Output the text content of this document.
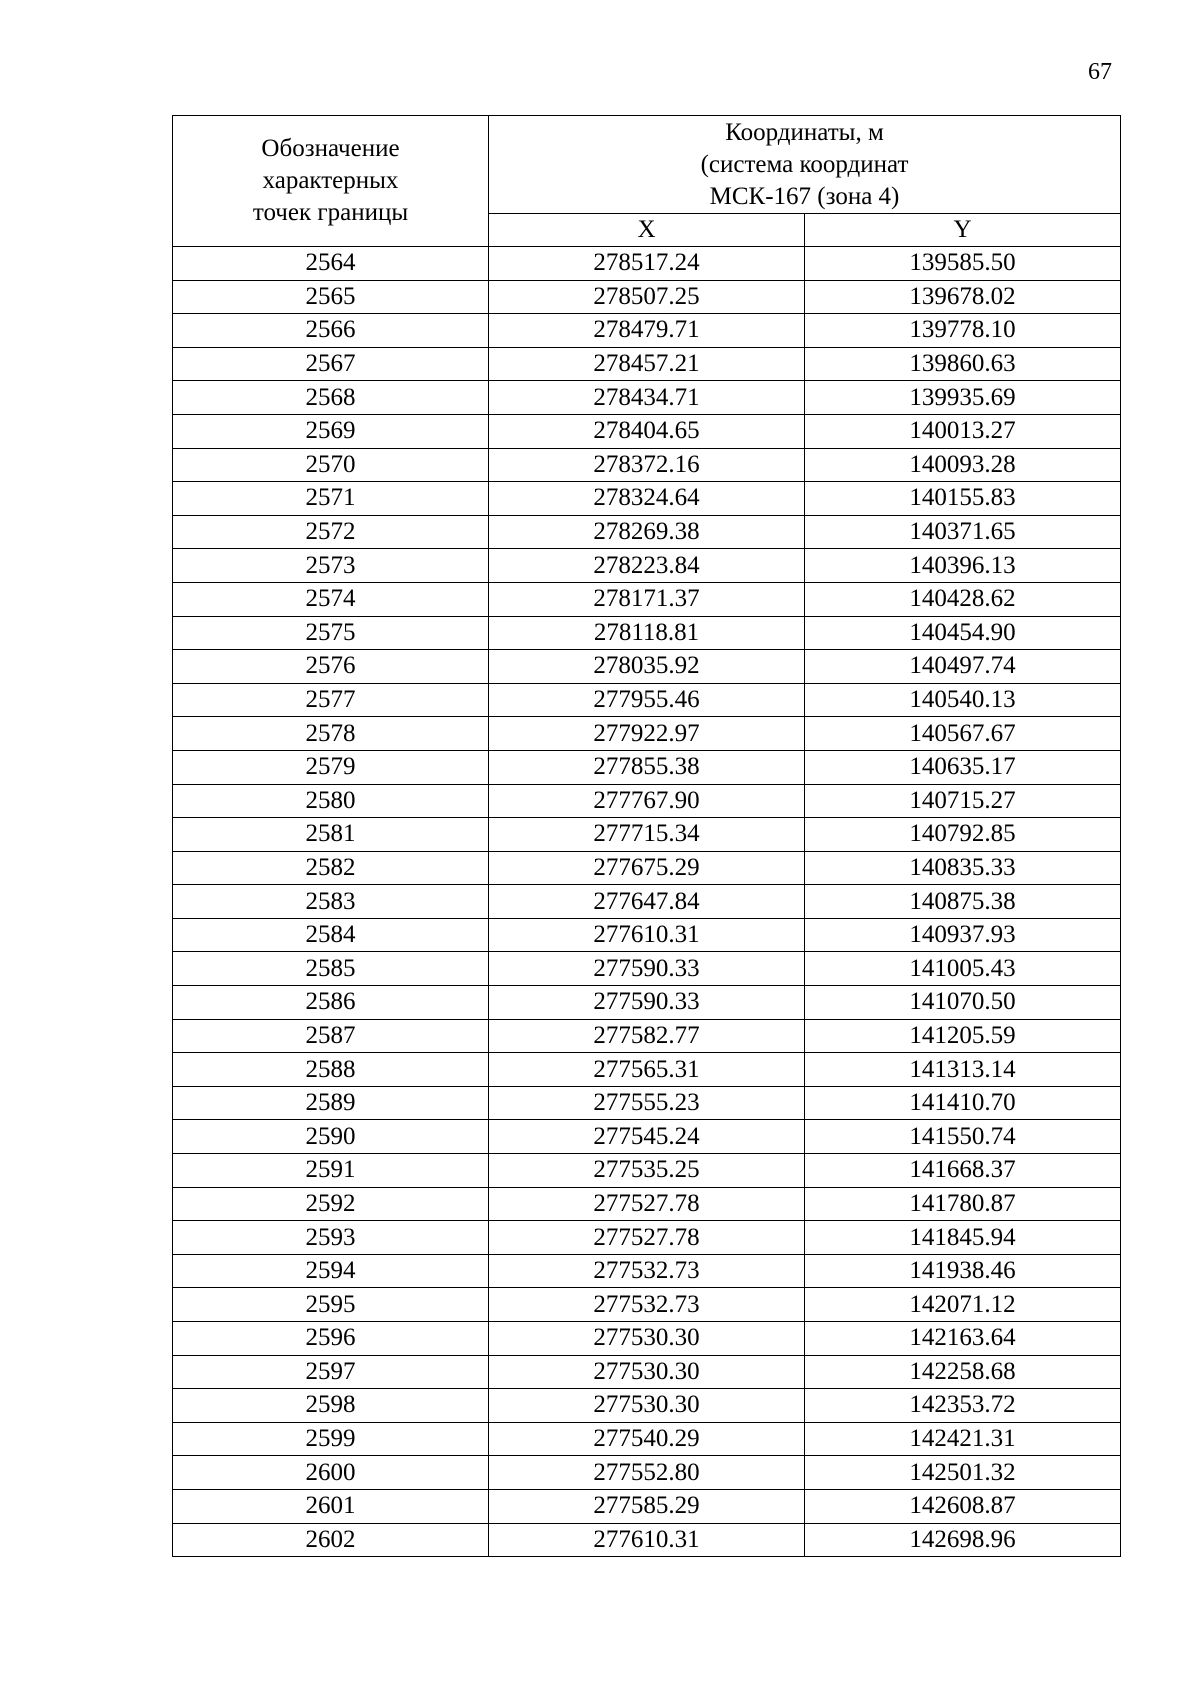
67
Обозначение
характерных
точек границы	Координаты, м
(система координат
МСК-167 (зона 4)	

	X	Y
2564	278517.24	139585.50
2565	278507.25	139678.02
2566	278479.71	139778.10
2567	278457.21	139860.63
2568	278434.71	139935.69
2569	278404.65	140013.27
2570	278372.16	140093.28
2571	278324.64	140155.83
2572	278269.38	140371.65
2573	278223.84	140396.13
2574	278171.37	140428.62
2575	278118.81	140454.90
2576	278035.92	140497.74
2577	277955.46	140540.13
2578	277922.97	140567.67
2579	277855.38	140635.17
2580	277767.90	140715.27
2581	277715.34	140792.85
2582	277675.29	140835.33
2583	277647.84	140875.38
2584	277610.31	140937.93
2585	277590.33	141005.43
2586	277590.33	141070.50
2587	277582.77	141205.59
2588	277565.31	141313.14
2589	277555.23	141410.70
2590	277545.24	141550.74
2591	277535.25	141668.37
2592	277527.78	141780.87
2593	277527.78	141845.94
2594	277532.73	141938.46
2595	277532.73	142071.12
2596	277530.30	142163.64
2597	277530.30	142258.68
2598	277530.30	142353.72
2599	277540.29	142421.31
2600	277552.80	142501.32
2601	277585.29	142608.87
2602	277610.31	142698.96
